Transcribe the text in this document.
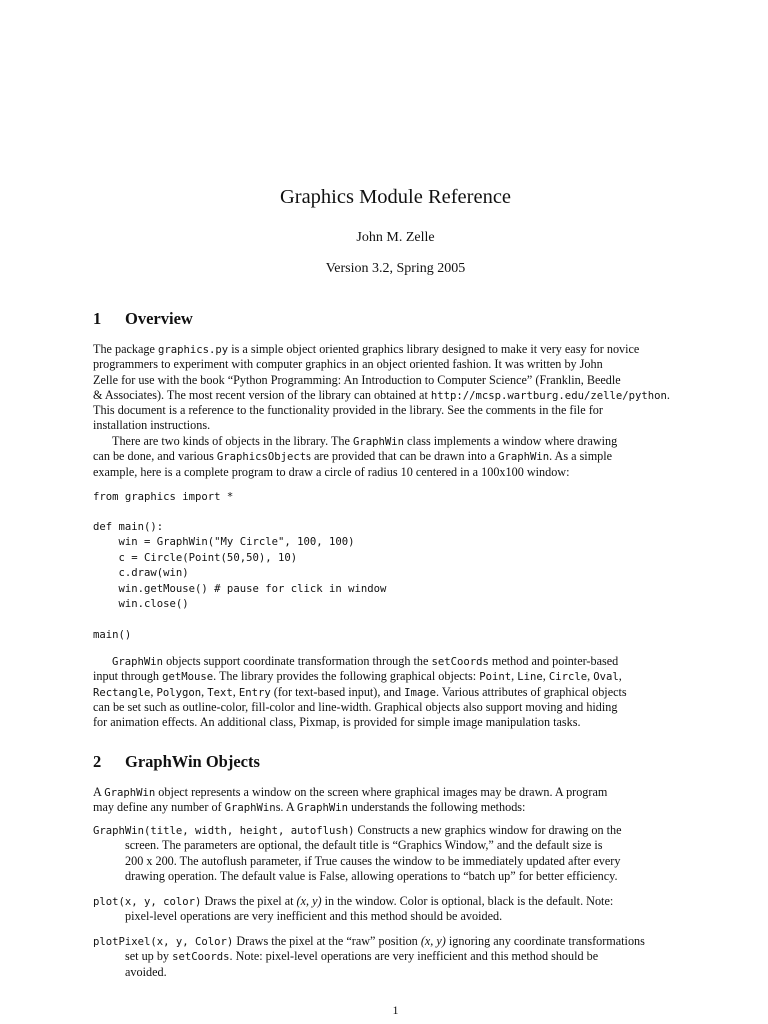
Graphics Module Reference
John M. Zelle
Version 3.2, Spring 2005
1 Overview
The package graphics.py is a simple object oriented graphics library designed to make it very easy for novice
programmers to experiment with computer graphics in an object oriented fashion. It was written by John
Zelle for use with the book “Python Programming: An Introduction to Computer Science” (Franklin, Beedle
& Associates). The most recent version of the library can obtained at http://mcsp.wartburg.edu/zelle/python.
This document is a reference to the functionality provided in the library. See the comments in the file for
installation instructions.
There are two kinds of objects in the library. The GraphWin class implements a window where drawing
can be done, and various GraphicsObjects are provided that can be drawn into a GraphWin. As a simple
example, here is a complete program to draw a circle of radius 10 centered in a 100x100 window:
from graphics import *
def main():
win = GraphWin("My Circle", 100, 100)
c = Circle(Point(50,50), 10)
c.draw(win)
win.getMouse() # pause for click in window
win.close()
main()
GraphWin objects support coordinate transformation through the setCoords method and pointer-based
input through getMouse. The library provides the following graphical objects: Point, Line, Circle, Oval,
Rectangle, Polygon, Text, Entry (for text-based input), and Image. Various attributes of graphical objects
can be set such as outline-color, fill-color and line-width. Graphical objects also support moving and hiding
for animation effects. An additional class, Pixmap, is provided for simple image manipulation tasks.
2 GraphWin Objects
A GraphWin object represents a window on the screen where graphical images may be drawn. A program
may define any number of GraphWins. A GraphWin understands the following methods:
GraphWin(title, width, height, autoflush) Constructs a new graphics window for drawing on the
screen. The parameters are optional, the default title is “Graphics Window,” and the default size is
200 x 200. The autoflush parameter, if True causes the window to be immediately updated after every
drawing operation. The default value is False, allowing operations to “batch up” for better efficiency.
plot(x, y, color) Draws the pixel at (x, y) in the window. Color is optional, black is the default. Note:
pixel-level operations are very inefficient and this method should be avoided.
plotPixel(x, y, Color) Draws the pixel at the “raw” position (x, y) ignoring any coordinate transformations
set up by setCoords. Note: pixel-level operations are very inefficient and this method should be
avoided.
1
